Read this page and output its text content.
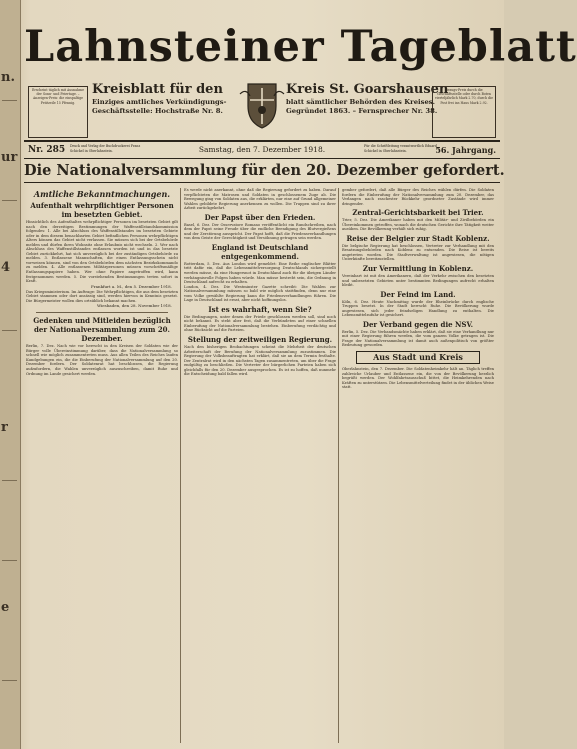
n.
ur
4
r
e
Lahnsteiner Tageblatt
Erscheint täglich mit Ausnahme der Sonn- und Feiertage. – Anzeigen-Preis: die einspaltige Petitzeile 15 Pfennig.
Kreisblatt für den
Einziges amtliches Verkündigungs-
Geschäftsstelle: Hochstraße Nr. 8.
Kreis St. Goarshausen
blatt sämtlicher Behörden des Kreises.
Gegründet 1863. – Fernsprecher Nr. 38.
Bezugs-Preis durch die Geschäftsstelle oder durch Boten vierteljährlich Mark 2.70, durch die Post frei ins Haus Mark 2.92.
Nr. 285 Druck und Verlag der Buchdruckerei Franz Schickel in Oberlahnstein.	Samstag, den 7. Dezember 1918.	Für die Schriftleitung verantwortlich Eduard Schickel in Oberlahnstein.	56. Jahrgang.
Die Nationalversammlung für den 20. Dezember gefordert.
Amtliche Bekanntmachungen.
Aufenthalt wehrpflichtiger Personen im besetzten Gebiet.

Hinsichtlich des Aufenthaltes wehrpflichtiger Personen im besetzten Gebiet gilt nach den derzeitigen Bestimmungen der Waffenstillstandskommission folgendes: 1. Alle bei Abschluss des Waffenstillstandes im besetzten Gebiete oder in dem diesem benachbarten Gebiet befindlichen Personen wehrpflichtigen Alters können das Gebiet nicht verlassen. Sie müssen sich bei der Ortsbehörde melden und dürfen ihren Wohnsitz ohne Erlaubnis nicht wechseln. 2. Wer nach Abschluss des Waffenstillstandes entlassen worden ist und in das besetzte Gebiet zurückkehrt, hat sich unverzüglich bei der zuständigen Ortsbehörde zu melden. 3. Entlassene Mannschaften, die einen Entlassungsschein nicht vorweisen können, sind von den Ortsbehörden dem nächsten Bezirkskommando zu melden. 4. Alle entlassenen Militärpersonen müssen vorschriftsmäßige Entlassungspapiere haben. Wer ohne Papiere angetroffen wird, kann festgenommen werden. 5. Die vorstehenden Bestimmungen treten sofort in Kraft.

Frankfurt a. M., den 5. Dezember 1918.

Das Kriegsministerium. Im Auftrage: Die Wehrpflichtigen, die aus dem besetzten Gebiet stammen oder dort ansässig sind, werden hiervon in Kenntnis gesetzt. Die Bürgermeister wollen dies ortsüblich bekannt machen.

Wiesbaden, den 28. November 1918.
Gedenken und Mitleiden bezüglich der Nationalversammlung zum 20. Dezember.

Berlin, 7. Dez. Nach wie vor herrscht in den Kreisen der Soldaten wie der Bürger volle Übereinstimmung darüber, dass die Nationalversammlung so schnell wie möglich zusammentreten muss. Aus allen Teilen des Reiches laufen Kundgebungen ein, die die Einberufung der Nationalversammlung auf den 20. Dezember fordern. Der Soldatenrat hat beschlossen, die Regierung aufzufordern, die Wahlen unverzüglich auszuschreiben, damit Ruhe und Ordnung im Lande gesichert werden.

Es werde nicht anerkannt, ohne daß die Regierung gefordert zu haben. Darauf verpflichteten die Matrosen und Soldaten in geschlossenem Zuge ab. Die Bewegung ging von Soldaten aus, die erklärten, nur eine auf Grund allgemeiner Wahlen gebildete Regierung anerkennen zu wollen. Die Truppen sind zu ihrer Arbeit zurückgekehrt.

Der Papst über den Frieden.

Basel, 6. Dez. Der Osservatore Romano veröffentlicht ein Rundschreiben, nach dem der Papst seine Freude über die endliche Beendigung des Blutvergießens und der Zerstörung ausspricht. Der Papst hofft, daß die Friedensverhandlungen von dem Geiste der Gerechtigkeit und Versöhnung getragen sein werden.

England ist Deutschland entgegenkommend.

Rotterdam, 5. Dez. Aus London wird gemeldet: Eine Reihe englischer Blätter tritt dafür ein, daß die Lebensmittelversorgung Deutschlands sichergestellt werden müsse, da eine Hungersnot in Deutschland auch für die übrigen Länder verhängnisvolle Folgen haben würde. Man müsse bestrebt sein, die Ordnung in Deutschland aufrecht zu erhalten.

London, 4. Dez. Die Westminster Gazette schreibt: Die Wahlen zur Nationalversammlung müssen so bald wie möglich stattfinden, denn nur eine vom Volke gewählte Regierung kann die Friedensverhandlungen führen. Die Lage in Deutschland ist ernst, aber nicht hoffnungslos.

Ist es wahrhaft, wenn Sie?

Die Bedingungen, unter denen der Friede geschlossen werden soll, sind noch nicht bekannt. Es steht aber fest, daß die Verbündeten auf einer schnellen Einberufung der Nationalversammlung bestehen. Einberufung verdächtig und ohne Rücksicht auf die Parteien.

Stellung der zeitweiligen Regierung.

Nach den bisherigen Beobachtungen scheint die Mehrheit der deutschen Arbeiterschaft der Berufung der Nationalversammlung zuzustimmen. Die Regierung der Volksbeauftragten hat erklärt, daß sie an dem Termin festhalte. Der Zentralrat wird in den nächsten Tagen zusammentreten, um über die Frage endgültig zu beschließen. Die Vertreter der bürgerlichen Parteien haben sich gleichfalls für den 20. Dezember ausgesprochen. Es ist zu hoffen, daß nunmehr die Entscheidung bald fallen wird.

gember gefordert, daß alle Bürger des Reiches wählen dürfen. Die Soldaten fordern die Einberufung der Nationalversammlung zum 20. Dezember, das Verlangen nach raschester Rückkehr geordneter Zustände wird immer dringender.

Zentral-Gerichtsbarkeit bei Trier.

Trier, 5. Dez. Die Amerikaner haben mit den Militär- und Zivilbehörden ein Übereinkommen getroffen, wonach die deutschen Gerichte ihre Tätigkeit weiter ausüben. Die Bevölkerung verhält sich ruhig.

Reise der Belgier zur Stadt Koblenz.

Die belgische Regierung hat beschlossen, Vertreter zur Verhandlung mit den Besatzungsbehörden nach Koblenz zu entsenden. Die Reise ist bereits angetreten worden. Die Stadtverwaltung ist angewiesen, die nötigen Unterkünfte bereitzustellen.

Zur Vermittlung in Koblenz.

Vereinbart ist mit den Amerikanern, daß der Verkehr zwischen den besetzten und unbesetzten Gebieten unter bestimmten Bedingungen aufrecht erhalten bleibt.

Der Feind im Land.

Köln, 6. Dez. Heute Nachmittag wurde der Rheinbrücke durch englische Truppen besetzt. In der Stadt herrscht Ruhe. Die Bevölkerung wurde angewiesen, sich jeder feindseligen Handlung zu enthalten. Die Lebensmittelzufuhr ist gesichert.

Der Verband gegen die NSV.

Berlin, 5. Dez. Die Verbandsmächte haben erklärt, daß sie eine Verhandlung nur mit einer Regierung führen werden, die vom ganzen Volke getragen ist. Die Frage der Nationalversammlung ist damit auch außenpolitisch von größter Bedeutung geworden.

Aus Stadt und Kreis

Oberlahnstein, den 7. Dezember. Die Soldatenheimkehr hält an. Täglich treffen zahlreiche Urlauber und Entlassene ein, die von der Bevölkerung herzlich begrüßt werden. Der Wohlfahrtsausschuß bittet, die Heimkehrenden nach Kräften zu unterstützen. Die Lebensmittelverteilung findet in der üblichen Weise statt.
